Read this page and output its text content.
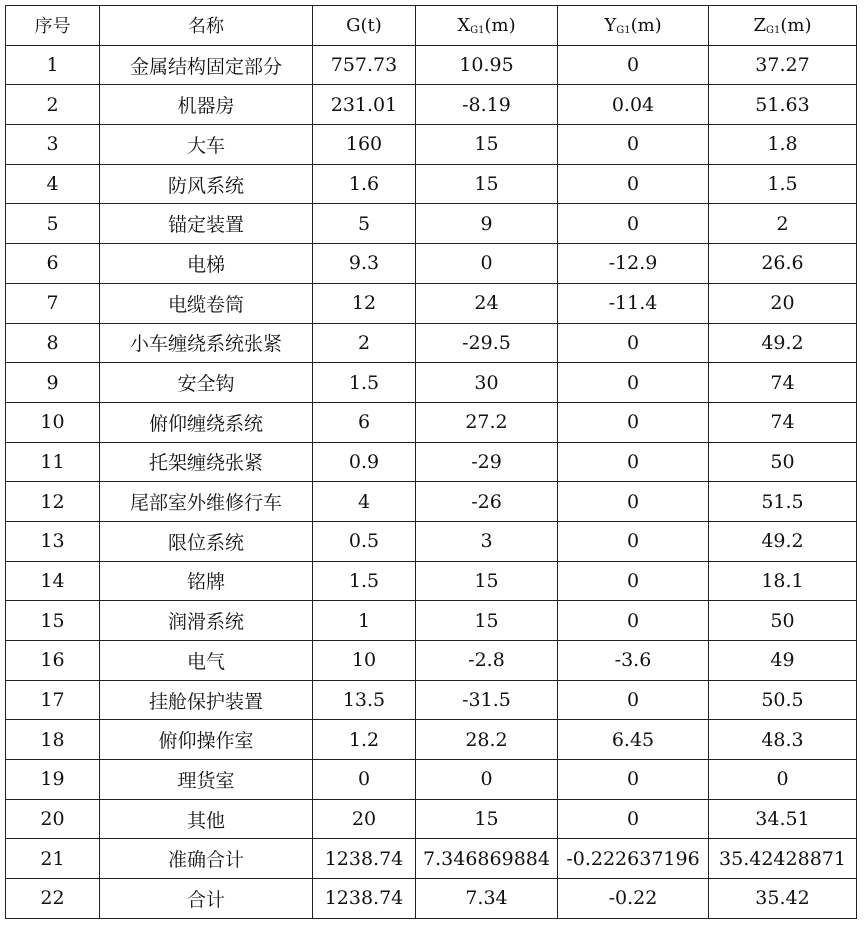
序号	名称	G(t)	$X_{G1}(m)$	$Y_{G1}(m)$	$Z_{G1}(m)$
1	金属结构固定部分	757.73	10.95	0	37.27
2	机器房	231.01	-8.19	0.04	51.63
3	大车	160	15	0	1.8
4	防风系统	1.6	15	0	1.5
5	锚定装置	5	9	0	2
6	电梯	9.3	0	-12.9	26.6
7	电缆卷筒	12	24	-11.4	20
8	小车缠绕系统张紧	2	-29.5	0	49.2
9	安全钩	1.5	30	0	74
10	俯仰缠绕系统	6	27.2	0	74
11	托架缠绕张紧	0.9	-29	0	50
12	尾部室外维修行车	4	-26	0	51.5
13	限位系统	0.5	3	0	49.2
14	铭牌	1.5	15	0	18.1
15	润滑系统	1	15	0	50
16	电气	10	-2.8	-3.6	49
17	挂舱保护装置	13.5	-31.5	0	50.5
18	俯仰操作室	1.2	28.2	6.45	48.3
19	理货室	0	0	0	0
20	其他	20	15	0	34.51
21	准确合计	1238.74	7.346869884	-0.222637196	35.42428871
22	合计	1238.74	7.34	-0.22	35.42
